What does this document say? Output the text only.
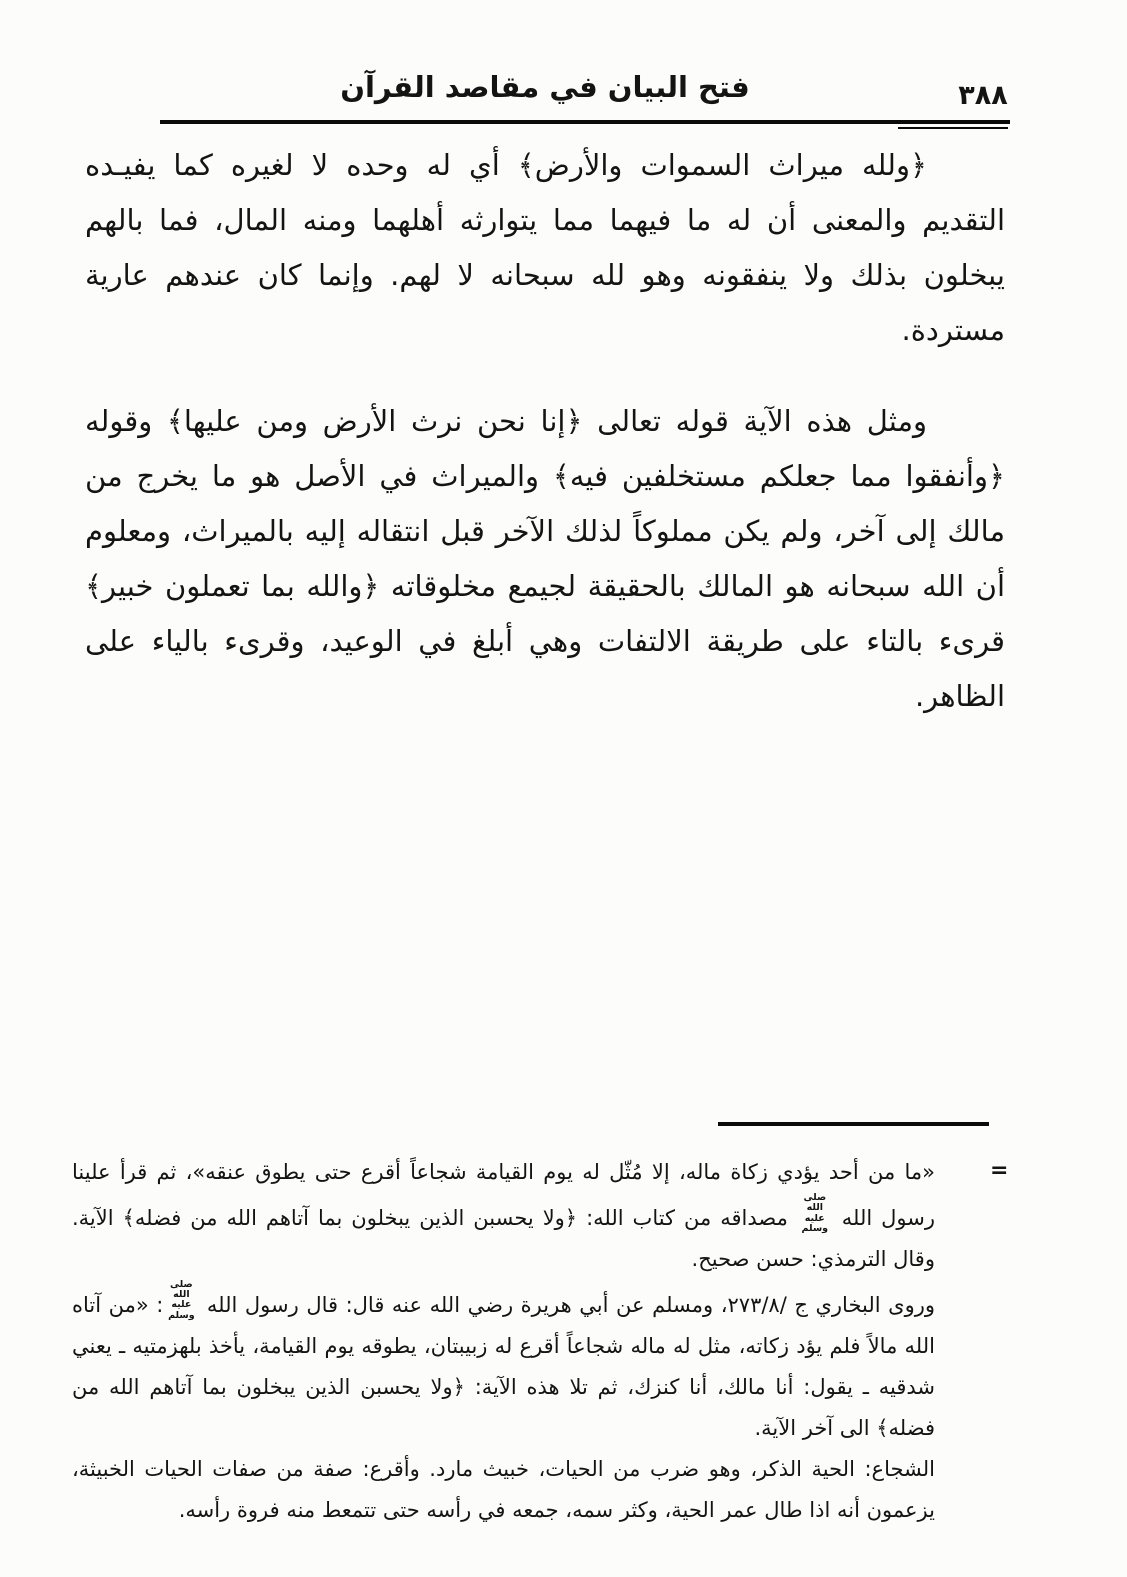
فتح البيان في مقاصد القرآن	٣٨٨

﴿ولله ميراث السموات والأرض﴾ أي له وحده لا لغيره كما يفيـده التقديم والمعنى أن له ما فيهما مما يتوارثه أهلهما ومنه المال، فما بالهم يبخلون بذلك ولا ينفقونه وهو لله سبحانه لا لهم. وإنما كان عندهم عارية مستردة.

ومثل هذه الآية قوله تعالى ﴿إنا نحن نرث الأرض ومن عليها﴾ وقوله ﴿وأنفقوا مما جعلكم مستخلفين فيه﴾ والميراث في الأصل هو ما يخرج من مالك إلى آخر، ولم يكن مملوكاً لذلك الآخر قبل انتقاله إليه بالميراث، ومعلوم أن الله سبحانه هو المالك بالحقيقة لجيمع مخلوقاته ﴿والله بما تعملون خبير﴾ قرىء بالتاء على طريقة الالتفات وهي أبلغ في الوعيد، وقرىء بالياء على الظاهر.

=

«ما من أحد يؤدي زكاة ماله، إلا مُثّل له يوم القيامة شجاعاً أقرع حتى يطوق عنقه»، ثم قرأ علينا رسول الله صلى الله عليه وسلم مصداقه من كتاب الله: ﴿ولا يحسبن الذين يبخلون بما آتاهم الله من فضله﴾ الآية. وقال الترمذي: حسن صحيح.

وروى البخاري ج /٢٧٣/٨، ومسلم عن أبي هريرة رضي الله عنه قال: قال رسول الله صلى الله عليه وسلم: «من آتاه الله مالاً فلم يؤد زكاته، مثل له ماله شجاعاً أقرع له زبيبتان، يطوقه يوم القيامة، يأخذ بلهزمتيه ـ يعني شدقيه ـ يقول: أنا مالك، أنا كنزك، ثم تلا هذه الآية: ﴿ولا يحسبن الذين يبخلون بما آتاهم الله من فضله﴾ الى آخر الآية.

الشجاع: الحية الذكر، وهو ضرب من الحيات، خبيث مارد. وأقرع: صفة من صفات الحيات الخبيثة، يزعمون أنه اذا طال عمر الحية، وكثر سمه، جمعه في رأسه حتى تتمعط منه فروة رأسه.
